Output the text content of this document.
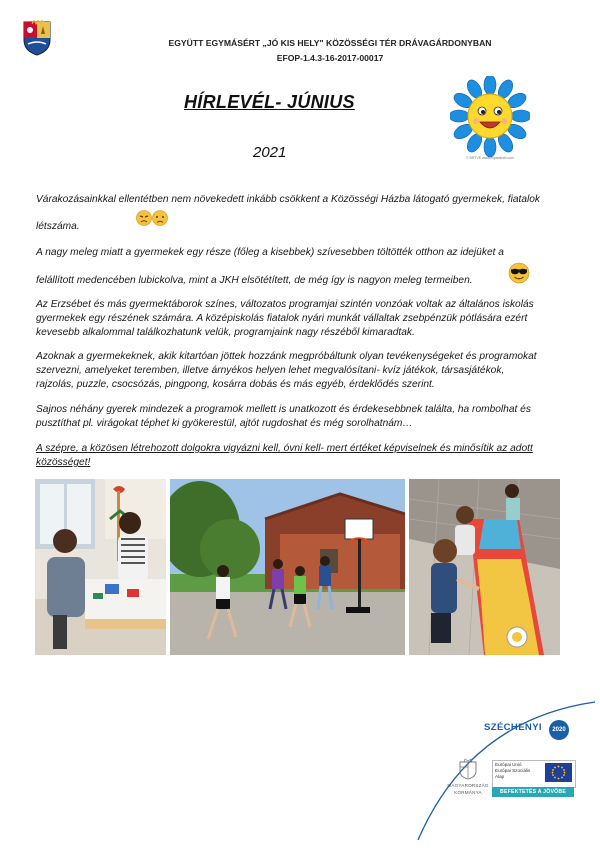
EGYÜTT EGYMÁSÉRT „JÓ KIS HELY" KÖZÖSSÉGI TÉR DRÁVAGÁRDONYBAN
EFOP-1.4.3-16-2017-00017
HÍRLEVÉL- JÚNIUS
2021	© BRTVE www.clipartsnet.com

Várakozásainkkal ellentétben nem növekedett inkább csökkent a Közösségi Házba látogató gyermekek, fiatalok

létszáma.

A nagy meleg miatt a gyermekek egy része (főleg a kisebbek) szívesebben töltötték otthon az idejüket a

felállított medencében lubickolva, mint a JKH elsötétített, de még így is nagyon meleg termeiben.

Az Erzsébet és más gyermektáborok színes, változatos programjai szintén vonzóak voltak az általános iskolás

gyermekek egy részének számára. A középiskolás fiatalok nyári munkát vállaltak zsebpénzük pótlására ezért

kevesebb alkalommal találkozhatunk velük, programjaink nagy részéből kimaradtak.

Azoknak a gyermekeknek, akik kitartóan jöttek hozzánk megpróbáltunk olyan tevékenységeket és programokat

szervezni, amelyeket teremben, illetve árnyékos helyen lehet megvalósítani- kvíz játékok, társasjátékok,

rajzolás, puzzle, csocsózás, pingpong, kosárra dobás és más egyéb, érdeklődés szerint.

Sajnos néhány gyerek mindezek a programok mellett is unatkozott és érdekesebbnek találta, ha rombolhat és

pusztíthat pl. virágokat téphet ki gyökerestül, ajtót rugdoshat és még sorolhatnám…

A szépre, a közösen létrehozott dolgokra vigyázni kell, óvni kell- mert értéket képviselnek és minősítik az adott

közösséget!

SZÉCHENYI	2020
MAGYARORSZÁG
KORMÁNYA
Európai Unió
Európai Szociális
Alap
BEFEKTETÉS A JÖVŐBE
